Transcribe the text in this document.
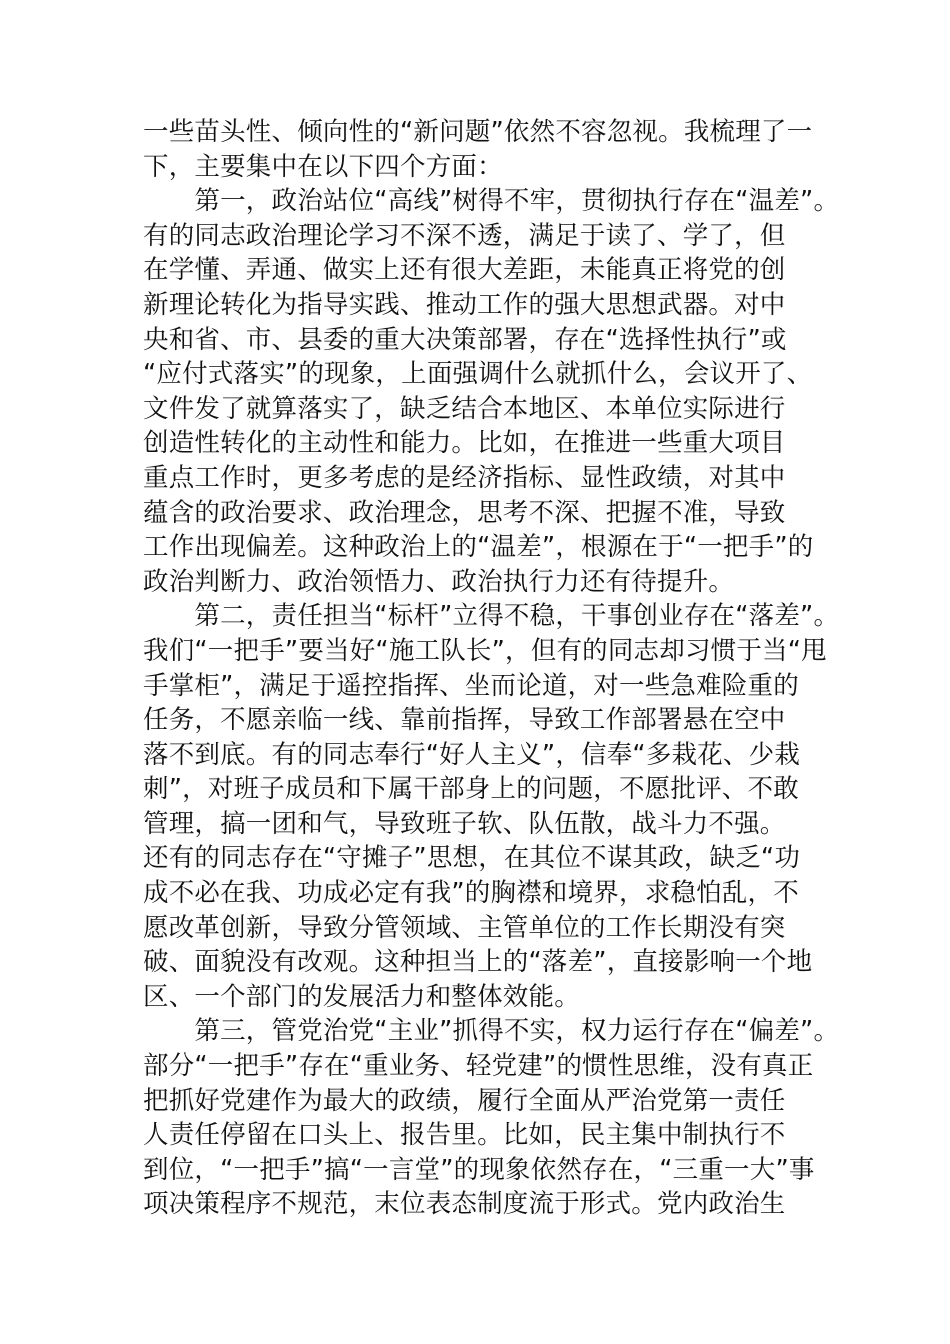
一些苗头性、倾向性的“新问题”依然不容忽视。我梳理了一
下，主要集中在以下四个方面：
　　第一，政治站位“高线”树得不牢，贯彻执行存在“温差”。
有的同志政治理论学习不深不透，满足于读了、学了，但
在学懂、弄通、做实上还有很大差距，未能真正将党的创
新理论转化为指导实践、推动工作的强大思想武器。对中
央和省、市、县委的重大决策部署，存在“选择性执行”或
“应付式落实”的现象，上面强调什么就抓什么，会议开了、
文件发了就算落实了，缺乏结合本地区、本单位实际进行
创造性转化的主动性和能力。比如，在推进一些重大项目
重点工作时，更多考虑的是经济指标、显性政绩，对其中
蕴含的政治要求、政治理念，思考不深、把握不准，导致
工作出现偏差。这种政治上的“温差”，根源在于“一把手”的
政治判断力、政治领悟力、政治执行力还有待提升。
　　第二，责任担当“标杆”立得不稳，干事创业存在“落差”。
我们“一把手”要当好“施工队长”，但有的同志却习惯于当“甩
手掌柜”，满足于遥控指挥、坐而论道，对一些急难险重的
任务，不愿亲临一线、靠前指挥，导致工作部署悬在空中
落不到底。有的同志奉行“好人主义”，信奉“多栽花、少栽
刺”，对班子成员和下属干部身上的问题，不愿批评、不敢
管理，搞一团和气，导致班子软、队伍散，战斗力不强。
还有的同志存在“守摊子”思想，在其位不谋其政，缺乏“功
成不必在我、功成必定有我”的胸襟和境界，求稳怕乱，不
愿改革创新，导致分管领域、主管单位的工作长期没有突
破、面貌没有改观。这种担当上的“落差”，直接影响一个地
区、一个部门的发展活力和整体效能。
　　第三，管党治党“主业”抓得不实，权力运行存在“偏差”。
部分“一把手”存在“重业务、轻党建”的惯性思维，没有真正
把抓好党建作为最大的政绩，履行全面从严治党第一责任
人责任停留在口头上、报告里。比如，民主集中制执行不
到位，“一把手”搞“一言堂”的现象依然存在，“三重一大”事
项决策程序不规范，末位表态制度流于形式。党内政治生
